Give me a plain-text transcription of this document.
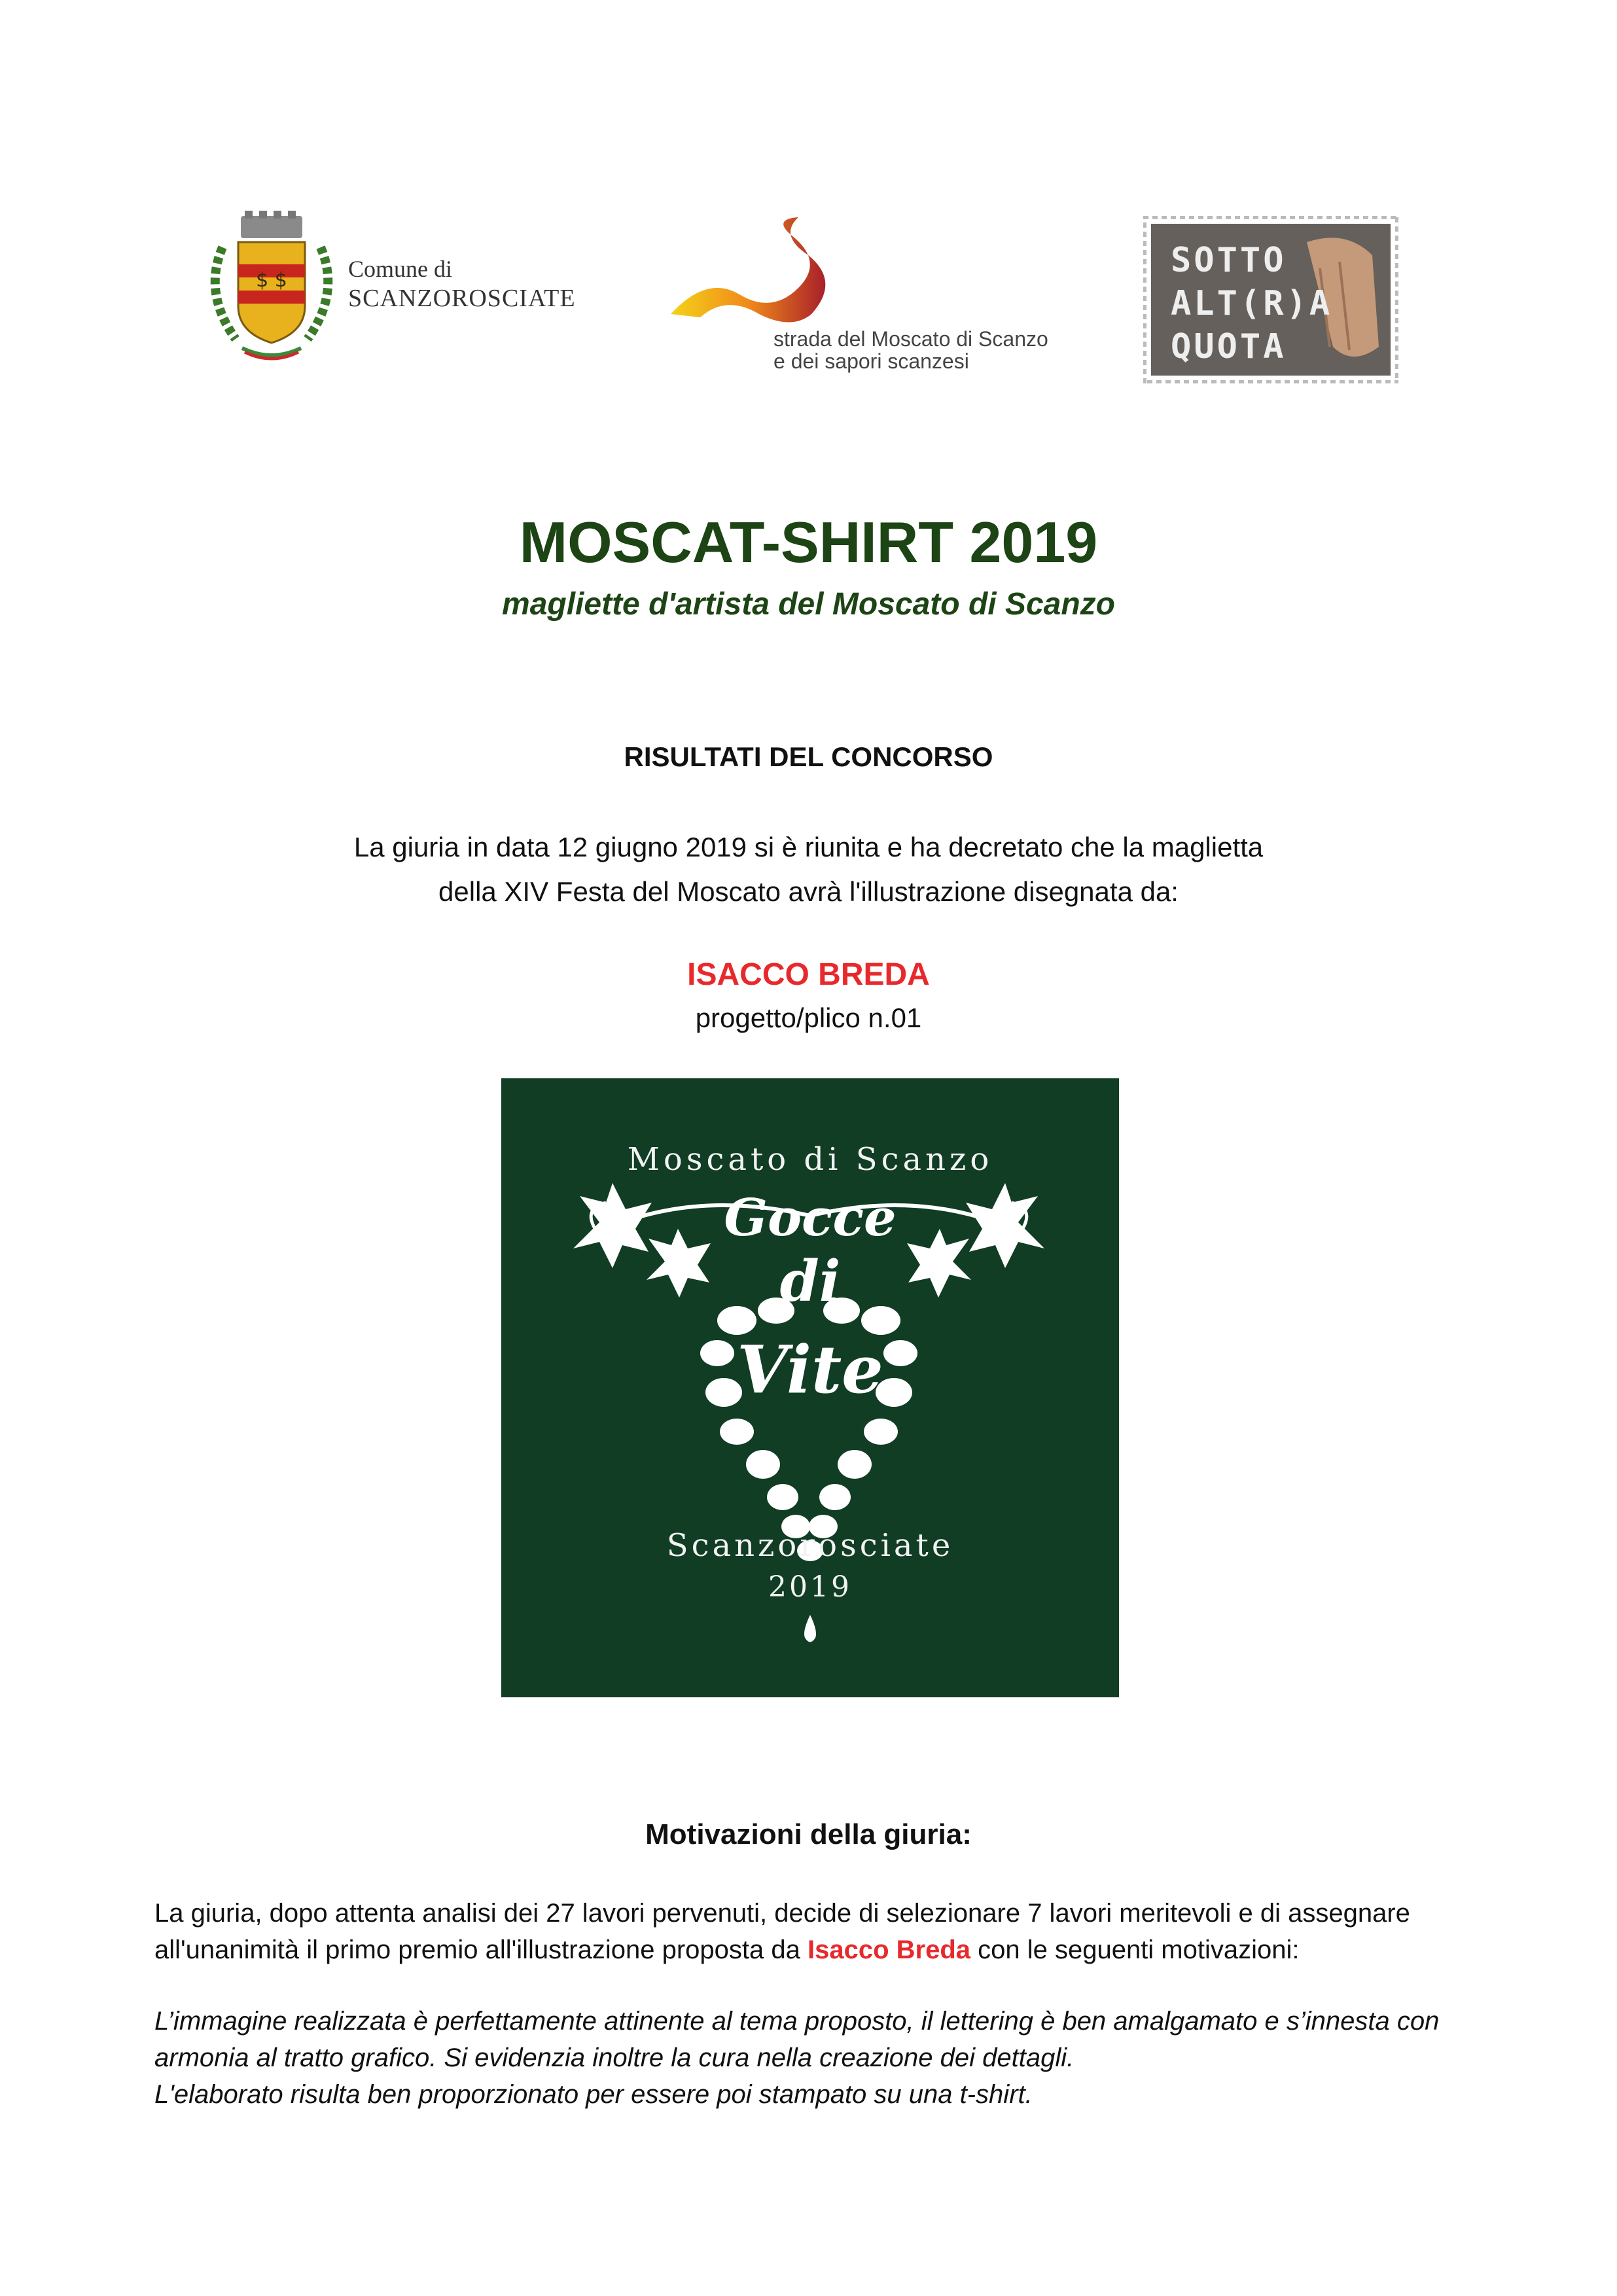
$ $	Comune di
SCANZOROSCIATE
strada del Moscato di Scanzo
e dei sapori scanzesi
SOTTO
ALT(R)A
QUOTA
MOSCAT-SHIRT 2019
magliette d'artista del Moscato di Scanzo
RISULTATI DEL CONCORSO
La giuria in data 12 giugno 2019 si è riunita e ha decretato che la maglietta
della XIV Festa del Moscato avrà l'illustrazione disegnata da:
ISACCO BREDA
progetto/plico n.01
Moscato di Scanzo
Gocce
di
Vite
Scanzorosciate
2019
Motivazioni della giuria:
La giuria, dopo attenta analisi dei 27 lavori pervenuti, decide di selezionare 7 lavori meritevoli e di assegnare all'unanimità il primo premio all'illustrazione proposta da Isacco Breda con le seguenti motivazioni:
L’immagine realizzata è perfettamente attinente al tema proposto, il lettering è ben amalgamato e s’innesta con armonia al tratto grafico. Si evidenzia inoltre la cura nella creazione dei dettagli.
L'elaborato risulta ben proporzionato per essere poi stampato su una t-shirt.
